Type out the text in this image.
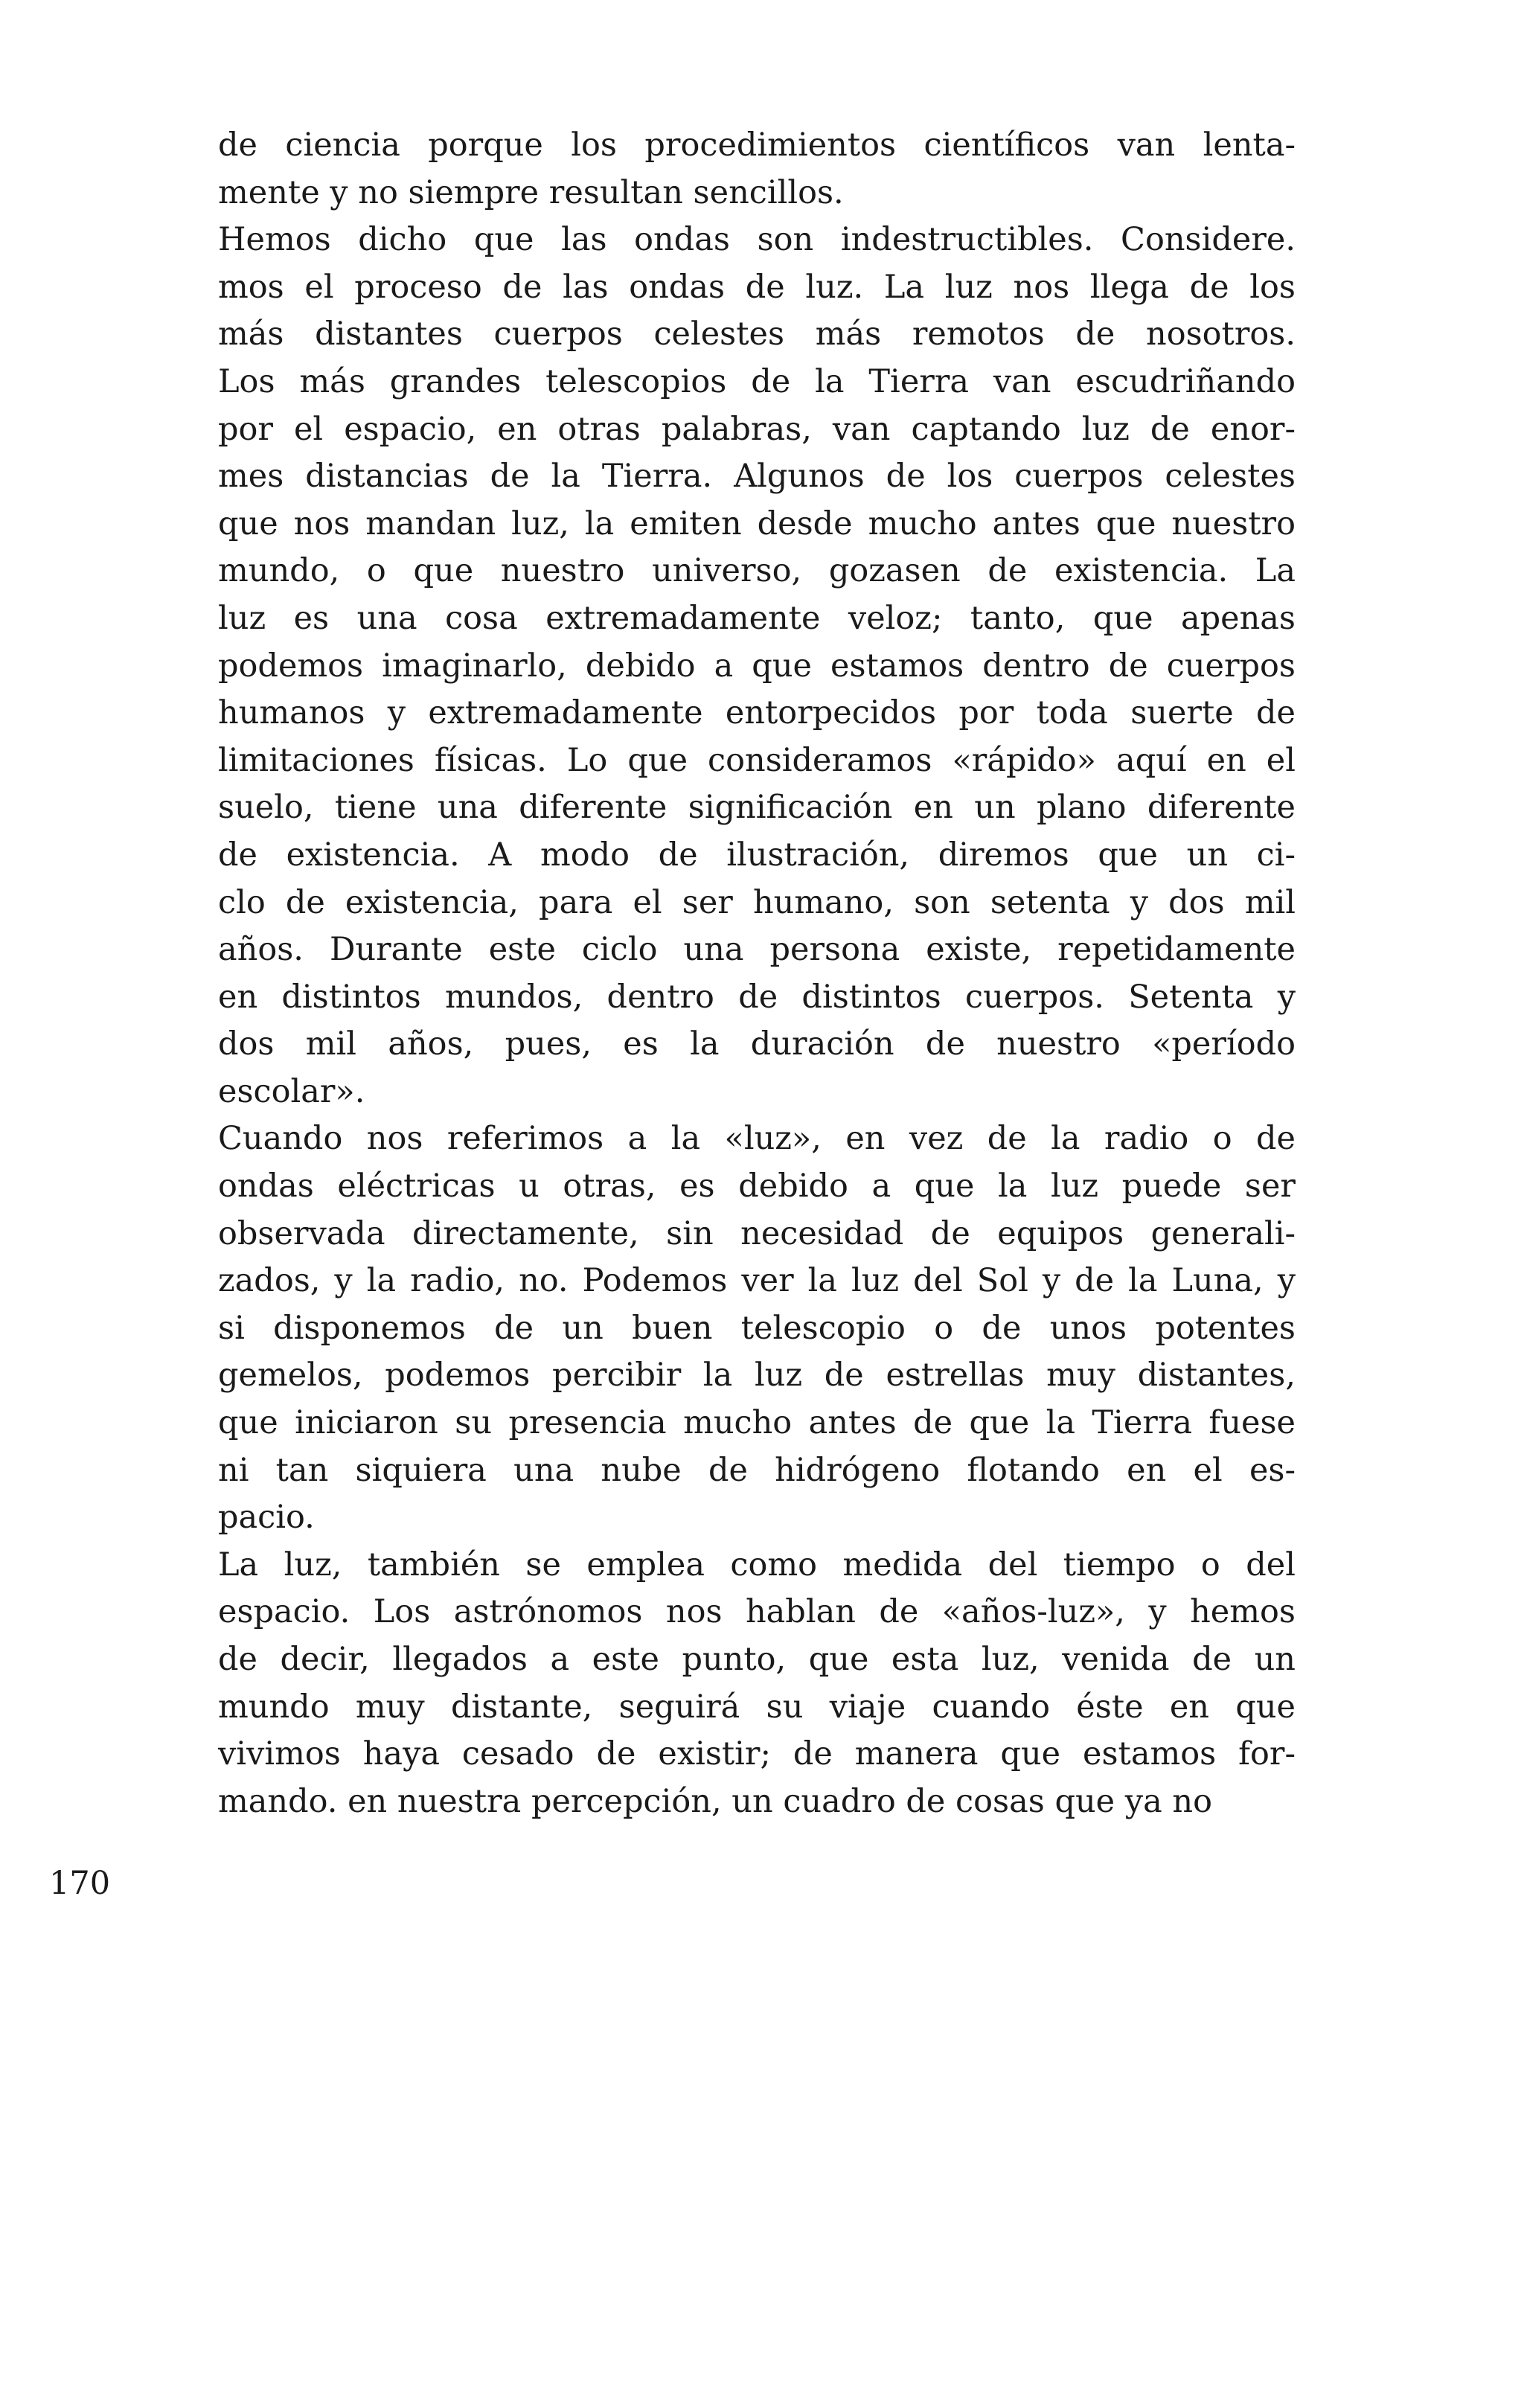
de ciencia porque los procedimientos científicos van lenta-
mente y no siempre resultan sencillos.
Hemos dicho que las ondas son indestructibles. Considere.
mos el proceso de las ondas de luz. La luz nos llega de los
más distantes cuerpos celestes más remotos de nosotros.
Los más grandes telescopios de la Tierra van escudriñando
por el espacio, en otras palabras, van captando luz de enor-
mes distancias de la Tierra. Algunos de los cuerpos celestes
que nos mandan luz, la emiten desde mucho antes que nuestro
mundo, o que nuestro universo, gozasen de existencia. La
luz es una cosa extremadamente veloz; tanto, que apenas
podemos imaginarlo, debido a que estamos dentro de cuerpos
humanos y extremadamente entorpecidos por toda suerte de
limitaciones físicas. Lo que consideramos «rápido» aquí en el
suelo, tiene una diferente significación en un plano diferente
de existencia. A modo de ilustración, diremos que un ci-
clo de existencia, para el ser humano, son setenta y dos mil
años. Durante este ciclo una persona existe, repetidamente
en distintos mundos, dentro de distintos cuerpos. Setenta y
dos mil años, pues, es la duración de nuestro «período
escolar».
Cuando nos referimos a la «luz», en vez de la radio o de
ondas eléctricas u otras, es debido a que la luz puede ser
observada directamente, sin necesidad de equipos generali-
zados, y la radio, no. Podemos ver la luz del Sol y de la Luna, y
si disponemos de un buen telescopio o de unos potentes
gemelos, podemos percibir la luz de estrellas muy distantes,
que iniciaron su presencia mucho antes de que la Tierra fuese
ni tan siquiera una nube de hidrógeno flotando en el es-
pacio.
La luz, también se emplea como medida del tiempo o del
espacio. Los astrónomos nos hablan de «años-luz», y hemos
de decir, llegados a este punto, que esta luz, venida de un
mundo muy distante, seguirá su viaje cuando éste en que
vivimos haya cesado de existir; de manera que estamos for-
mando. en nuestra percepción, un cuadro de cosas que ya no
170
